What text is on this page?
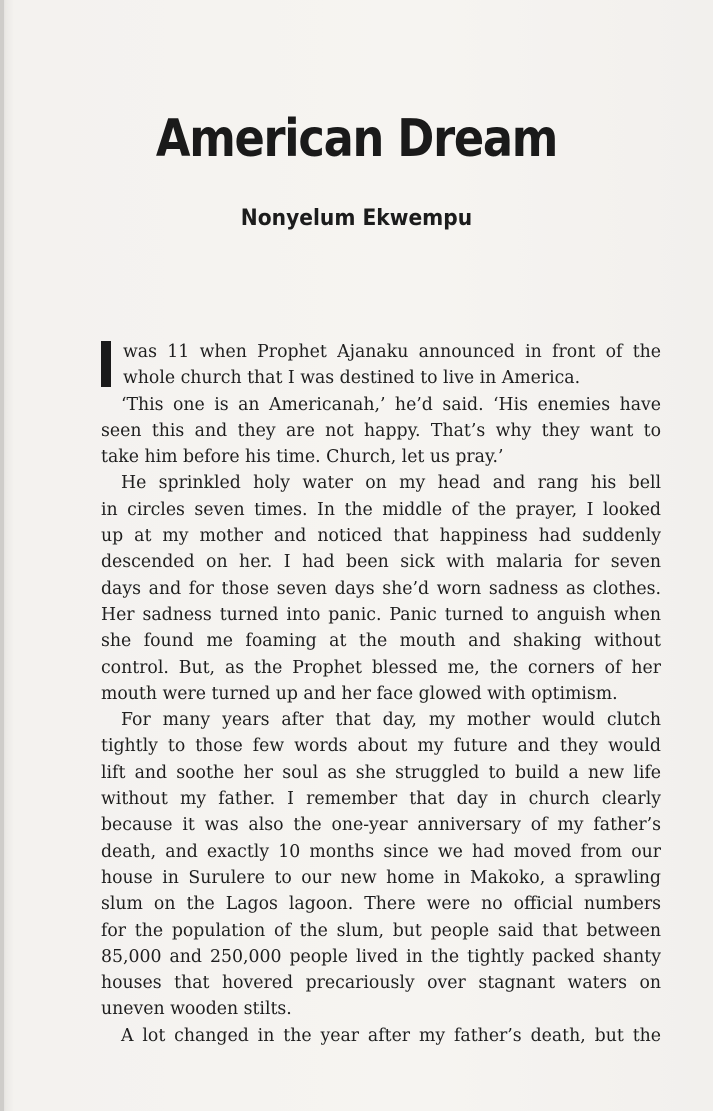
American Dream
Nonyelum Ekwempu
was 11 when Prophet Ajanaku announced in front of the
whole church that I was destined to live in America.
‘This one is an Americanah,’ he’d said. ‘His enemies have
seen this and they are not happy. That’s why they want to
take him before his time. Church, let us pray.’
He sprinkled holy water on my head and rang his bell
in circles seven times. In the middle of the prayer, I looked
up at my mother and noticed that happiness had suddenly
descended on her. I had been sick with malaria for seven
days and for those seven days she’d worn sadness as clothes.
Her sadness turned into panic. Panic turned to anguish when
she found me foaming at the mouth and shaking without
control. But, as the Prophet blessed me, the corners of her
mouth were turned up and her face glowed with optimism.
For many years after that day, my mother would clutch
tightly to those few words about my future and they would
lift and soothe her soul as she struggled to build a new life
without my father. I remember that day in church clearly
because it was also the one-year anniversary of my father’s
death, and exactly 10 months since we had moved from our
house in Surulere to our new home in Makoko, a sprawling
slum on the Lagos lagoon. There were no official numbers
for the population of the slum, but people said that between
85,000 and 250,000 people lived in the tightly packed shanty
houses that hovered precariously over stagnant waters on
uneven wooden stilts.
A lot changed in the year after my father’s death, but the
